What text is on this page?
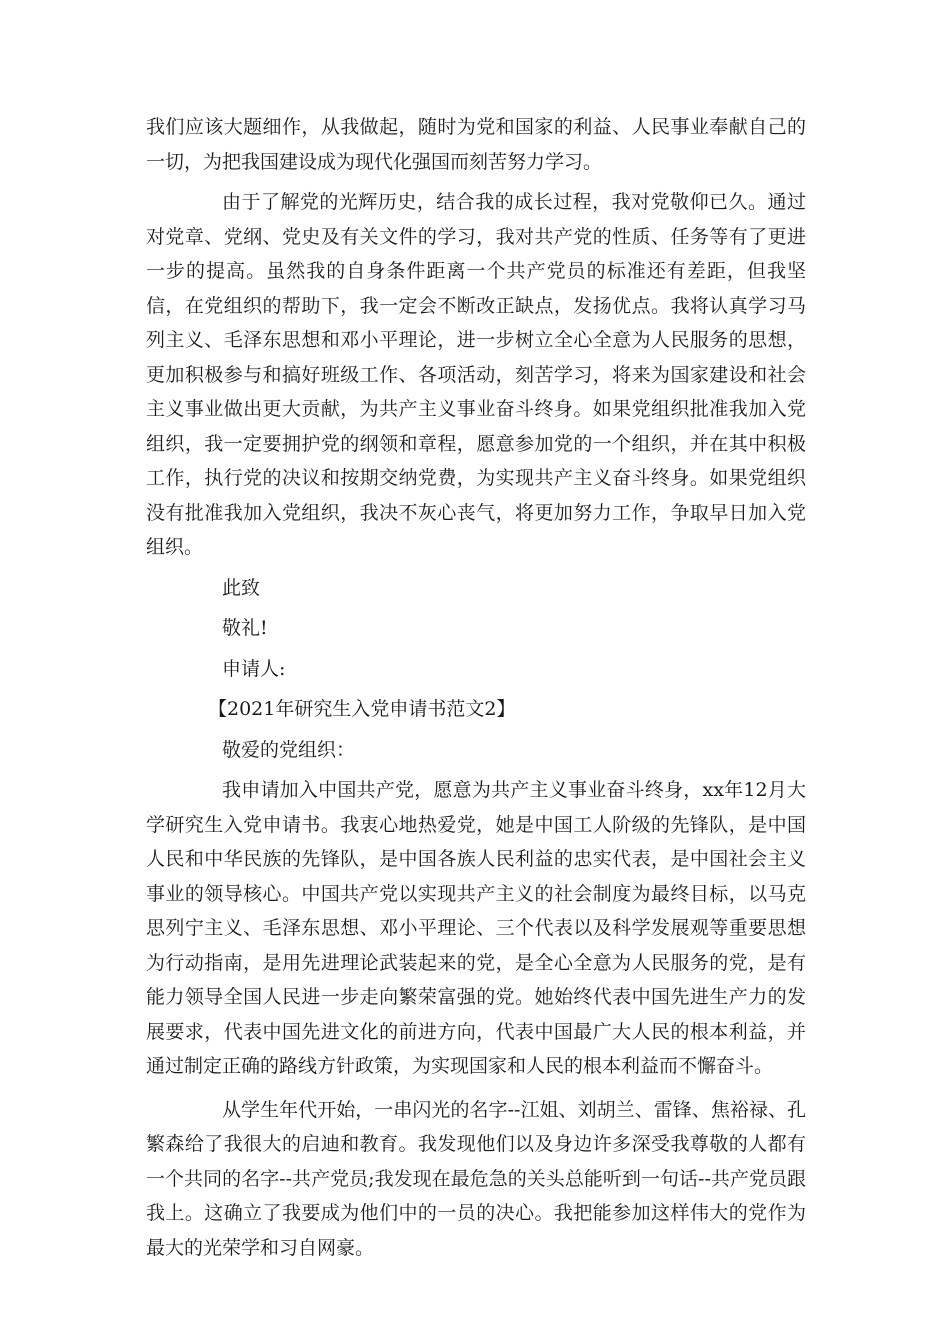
我们应该大题细作，从我做起，随时为党和国家的利益、人民事业奉献自己的一切，为把我国建设成为现代化强国而刻苦努力学习。

由于了解党的光辉历史，结合我的成长过程，我对党敬仰已久。通过对党章、党纲、党史及有关文件的学习，我对共产党的性质、任务等有了更进一步的提高。虽然我的自身条件距离一个共产党员的标准还有差距，但我坚信，在党组织的帮助下，我一定会不断改正缺点，发扬优点。我将认真学习马列主义、毛泽东思想和邓小平理论，进一步树立全心全意为人民服务的思想，更加积极参与和搞好班级工作、各项活动，刻苦学习，将来为国家建设和社会主义事业做出更大贡献，为共产主义事业奋斗终身。如果党组织批准我加入党组织，我一定要拥护党的纲领和章程，愿意参加党的一个组织，并在其中积极工作，执行党的决议和按期交纳党费，为实现共产主义奋斗终身。如果党组织没有批准我加入党组织，我决不灰心丧气，将更加努力工作，争取早日加入党组织。

此致

敬礼!

申请人:

【2021年研究生入党申请书范文2】

敬爱的党组织：

我申请加入中国共产党，愿意为共产主义事业奋斗终身，xx年12月大学研究生入党申请书。我衷心地热爱党，她是中国工人阶级的先锋队，是中国人民和中华民族的先锋队，是中国各族人民利益的忠实代表，是中国社会主义事业的领导核心。中国共产党以实现共产主义的社会制度为最终目标，以马克思列宁主义、毛泽东思想、邓小平理论、三个代表以及科学发展观等重要思想为行动指南，是用先进理论武装起来的党，是全心全意为人民服务的党，是有能力领导全国人民进一步走向繁荣富强的党。她始终代表中国先进生产力的发展要求，代表中国先进文化的前进方向，代表中国最广大人民的根本利益，并通过制定正确的路线方针政策，为实现国家和人民的根本利益而不懈奋斗。

从学生年代开始，一串闪光的名字--江姐、刘胡兰、雷锋、焦裕禄、孔繁森给了我很大的启迪和教育。我发现他们以及身边许多深受我尊敬的人都有一个共同的名字--共产党员;我发现在最危急的关头总能听到一句话--共产党员跟我上。这确立了我要成为他们中的一员的决心。我把能参加这样伟大的党作为最大的光荣学和习自网豪。
